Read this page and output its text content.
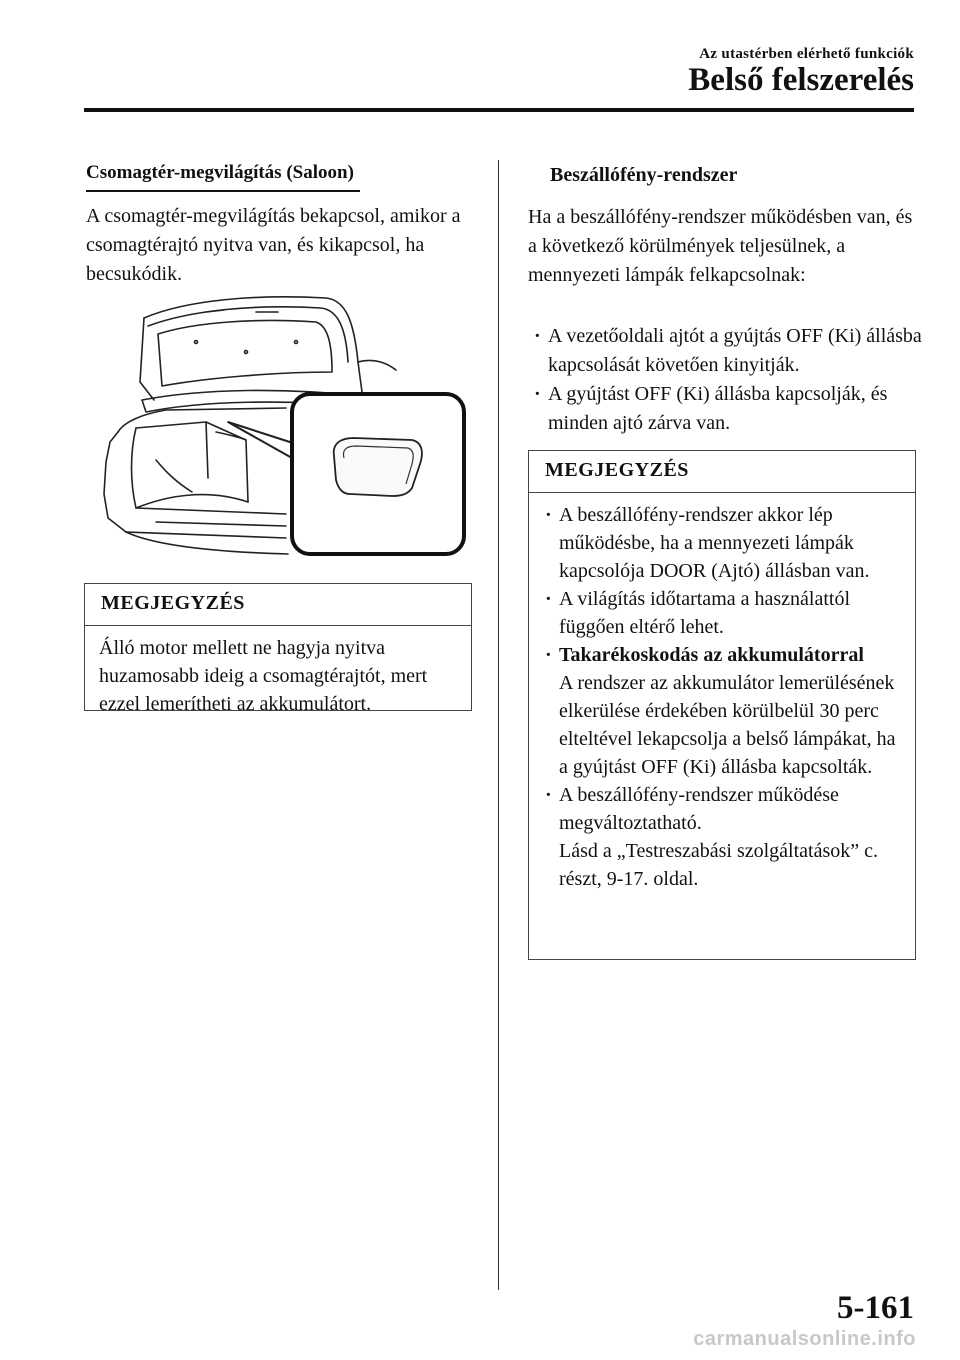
Az utastérben elérhető funkciók
Belső felszerelés
Csomagtér-megvilágítás (Saloon)
A csomagtér-megvilágítás bekapcsol, amikor a csomagtérajtó nyitva van, és kikapcsol, ha becsukódik.
MEGJEGYZÉS
Álló motor mellett ne hagyja nyitva huzamosabb ideig a csomagtérajtót, mert ezzel lemerítheti az akkumulátort.
Beszállófény-rendszer
Ha a beszállófény-rendszer működésben van, és a következő körülmények teljesülnek, a mennyezeti lámpák felkapcsolnak:
· A vezetőoldali ajtót a gyújtás OFF (Ki) állásba kapcsolását követően kinyitják.
· A gyújtást OFF (Ki) állásba kapcsolják, és minden ajtó zárva van.
MEGJEGYZÉS
· A beszállófény-rendszer akkor lép működésbe, ha a mennyezeti lámpák kapcsolója DOOR (Ajtó) állásban van.
· A világítás időtartama a használattól függően eltérő lehet.
· Takarékoskodás az akkumulátorral
A rendszer az akkumulátor lemerülésének elkerülése érdekében körülbelül 30 perc elteltével lekapcsolja a belső lámpákat, ha a gyújtást OFF (Ki) állásba kapcsolták.
· A beszállófény-rendszer működése megváltoztatható.
Lásd a „Testreszabási szolgáltatások” c. részt, 9-17. oldal.
5-161
carmanualsonline.info
